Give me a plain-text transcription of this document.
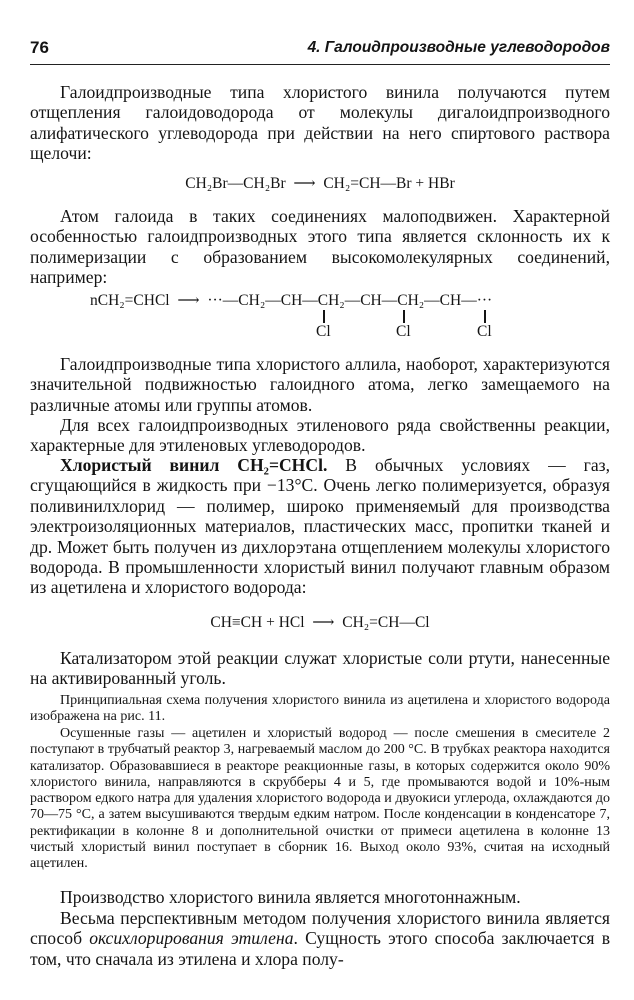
76	4. Галоидпроизводные углеводородов

Галоидпроизводные типа хлористого винила получаются путем отщепления галоидоводорода от молекулы дигалоидпроизводного алифатического углеводорода при действии на него спиртового раствора щелочи:

CH₂Br—CH₂Br  ⟶  CH₂=CH—Br + HBr

Атом галоида в таких соединениях малоподвижен. Характерной особенностью галоидпроизводных этого типа является склонность их к полимеризации с образованием высокомолекулярных соединений, например:

nCH₂=CHCl  ⟶  ···—CH₂—CH—CH₂—CH—CH₂—CH—···
Cl	Cl	Cl

Галоидпроизводные типа хлористого аллила, наоборот, характеризуются значительной подвижностью галоидного атома, легко замещаемого на различные атомы или группы атомов.

Для всех галоидпроизводных этиленового ряда свойственны реакции, характерные для этиленовых углеводородов.

Хлористый винил CH₂=CHCl. В обычных условиях — газ, сгущающийся в жидкость при −13°C. Очень легко полимеризуется, образуя поливинилхлорид — полимер, широко применяемый для производства электроизоляционных материалов, пластических масс, пропитки тканей и др. Может быть получен из дихлорэтана отщеплением молекулы хлористого водорода. В промышленности хлористый винил получают главным образом из ацетилена и хлористого водорода:

CH≡CH + HCl  ⟶  CH₂=CH—Cl

Катализатором этой реакции служат хлористые соли ртути, нанесенные на активированный уголь.

Принципиальная схема получения хлористого винила из ацетилена и хлористого водорода изображена на рис. 11.

Осушенные газы — ацетилен и хлористый водород — после смешения в смесителе 2 поступают в трубчатый реактор 3, нагреваемый маслом до 200 °С. В трубках реактора находится катализатор. Образовавшиеся в реакторе реакционные газы, в которых содержится около 90% хлористого винила, направляются в скрубберы 4 и 5, где промываются водой и 10%-ным раствором едкого натра для удаления хлористого водорода и двуокиси углерода, охлаждаются до 70—75 °С, а затем высушиваются твердым едким натром. После конденсации в конденсаторе 7, ректификации в колонне 8 и дополнительной очистки от примеси ацетилена в колонне 13 чистый хлористый винил поступает в сборник 16. Выход около 93%, считая на исходный ацетилен.

Производство хлористого винила является многотоннажным.

Весьма перспективным методом получения хлористого винила является способ оксихлорирования этилена. Сущность этого способа заключается в том, что сначала из этилена и хлора полу-
